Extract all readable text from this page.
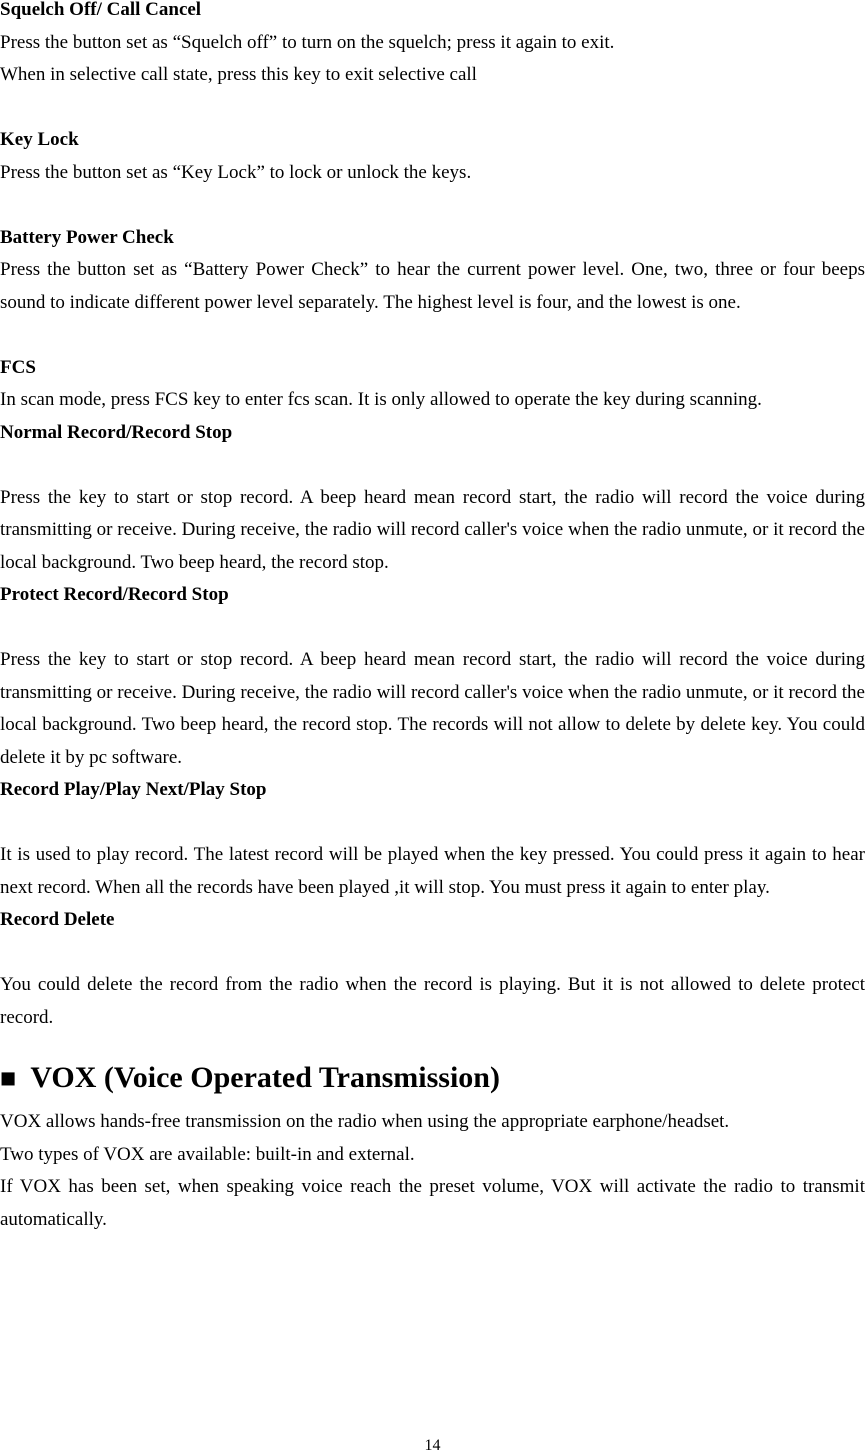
Squelch Off/ Call Cancel

Press the button set as “Squelch off” to turn on the squelch; press it again to exit.

When in selective call state, press this key to exit selective call

Key Lock

Press the button set as “Key Lock” to lock or unlock the keys.

Battery Power Check

Press the button set as “Battery Power Check” to hear the current power level. One, two, three or four beeps sound to indicate different power level separately. The highest level is four, and the lowest is one.

FCS

In scan mode, press FCS key to enter fcs scan. It is only allowed to operate the key during scanning.

Normal Record/Record Stop

Press the key to start or stop record. A beep heard mean record start, the radio will record the voice during transmitting or receive. During receive, the radio will record caller's voice when the radio unmute, or it record the local background. Two beep heard, the record stop.

Protect Record/Record Stop

Press the key to start or stop record. A beep heard mean record start, the radio will record the voice during transmitting or receive. During receive, the radio will record caller's voice when the radio unmute, or it record the local background. Two beep heard, the record stop. The records will not allow to delete by delete key. You could delete it by pc software.

Record Play/Play Next/Play Stop

It is used to play record. The latest record will be played when the key pressed. You could press it again to hear next record. When all the records have been played ,it will stop. You must press it again to enter play.

Record Delete

You could delete the record from the radio when the record is playing. But it is not allowed to delete protect record.

■ VOX (Voice Operated Transmission)

VOX allows hands-free transmission on the radio when using the appropriate earphone/headset.

Two types of VOX are available: built-in and external.

If VOX has been set, when speaking voice reach the preset volume, VOX will activate the radio to transmit automatically.

14
